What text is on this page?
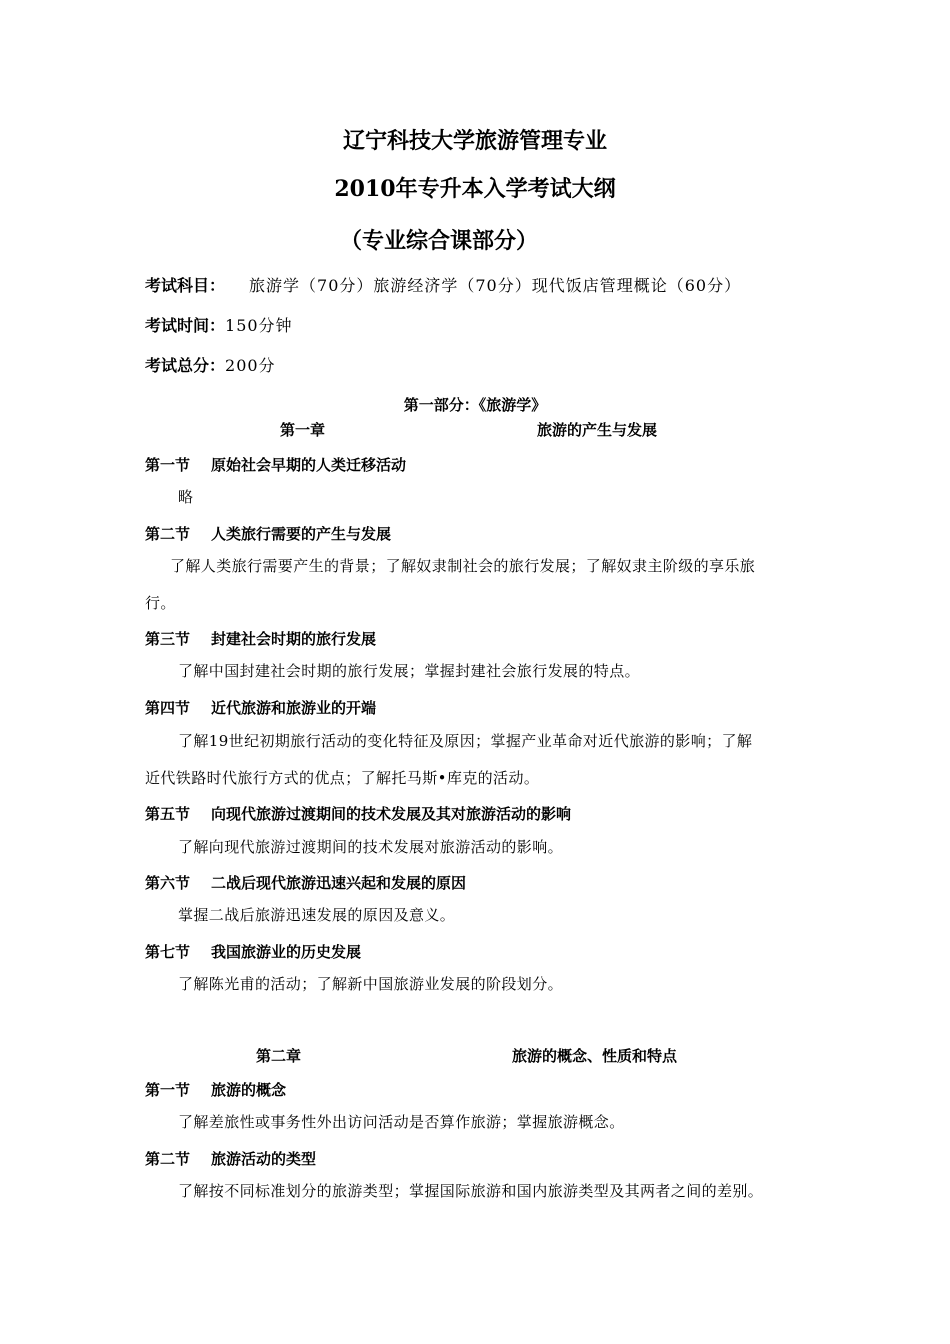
辽宁科技大学旅游管理专业
2010年专升本入学考试大纲
（专业综合课部分）
考试科目： 旅游学（70分）旅游经济学（70分）现代饭店管理概论（60分）
考试时间：150分钟
考试总分：200分
第一部分：《旅游学》
第一章	旅游的产生与发展
第一节 原始社会早期的人类迁移活动
略
第二节 人类旅行需要的产生与发展
了解人类旅行需要产生的背景；了解奴隶制社会的旅行发展；了解奴隶主阶级的享乐旅
行。
第三节 封建社会时期的旅行发展
了解中国封建社会时期的旅行发展；掌握封建社会旅行发展的特点。
第四节 近代旅游和旅游业的开端
了解19世纪初期旅行活动的变化特征及原因；掌握产业革命对近代旅游的影响；了解
近代铁路时代旅行方式的优点；了解托马斯•库克的活动。
第五节 向现代旅游过渡期间的技术发展及其对旅游活动的影响
了解向现代旅游过渡期间的技术发展对旅游活动的影响。
第六节 二战后现代旅游迅速兴起和发展的原因
掌握二战后旅游迅速发展的原因及意义。
第七节 我国旅游业的历史发展
了解陈光甫的活动；了解新中国旅游业发展的阶段划分。
第二章	旅游的概念、性质和特点
第一节 旅游的概念
了解差旅性或事务性外出访问活动是否算作旅游；掌握旅游概念。
第二节 旅游活动的类型
了解按不同标准划分的旅游类型；掌握国际旅游和国内旅游类型及其两者之间的差别。
